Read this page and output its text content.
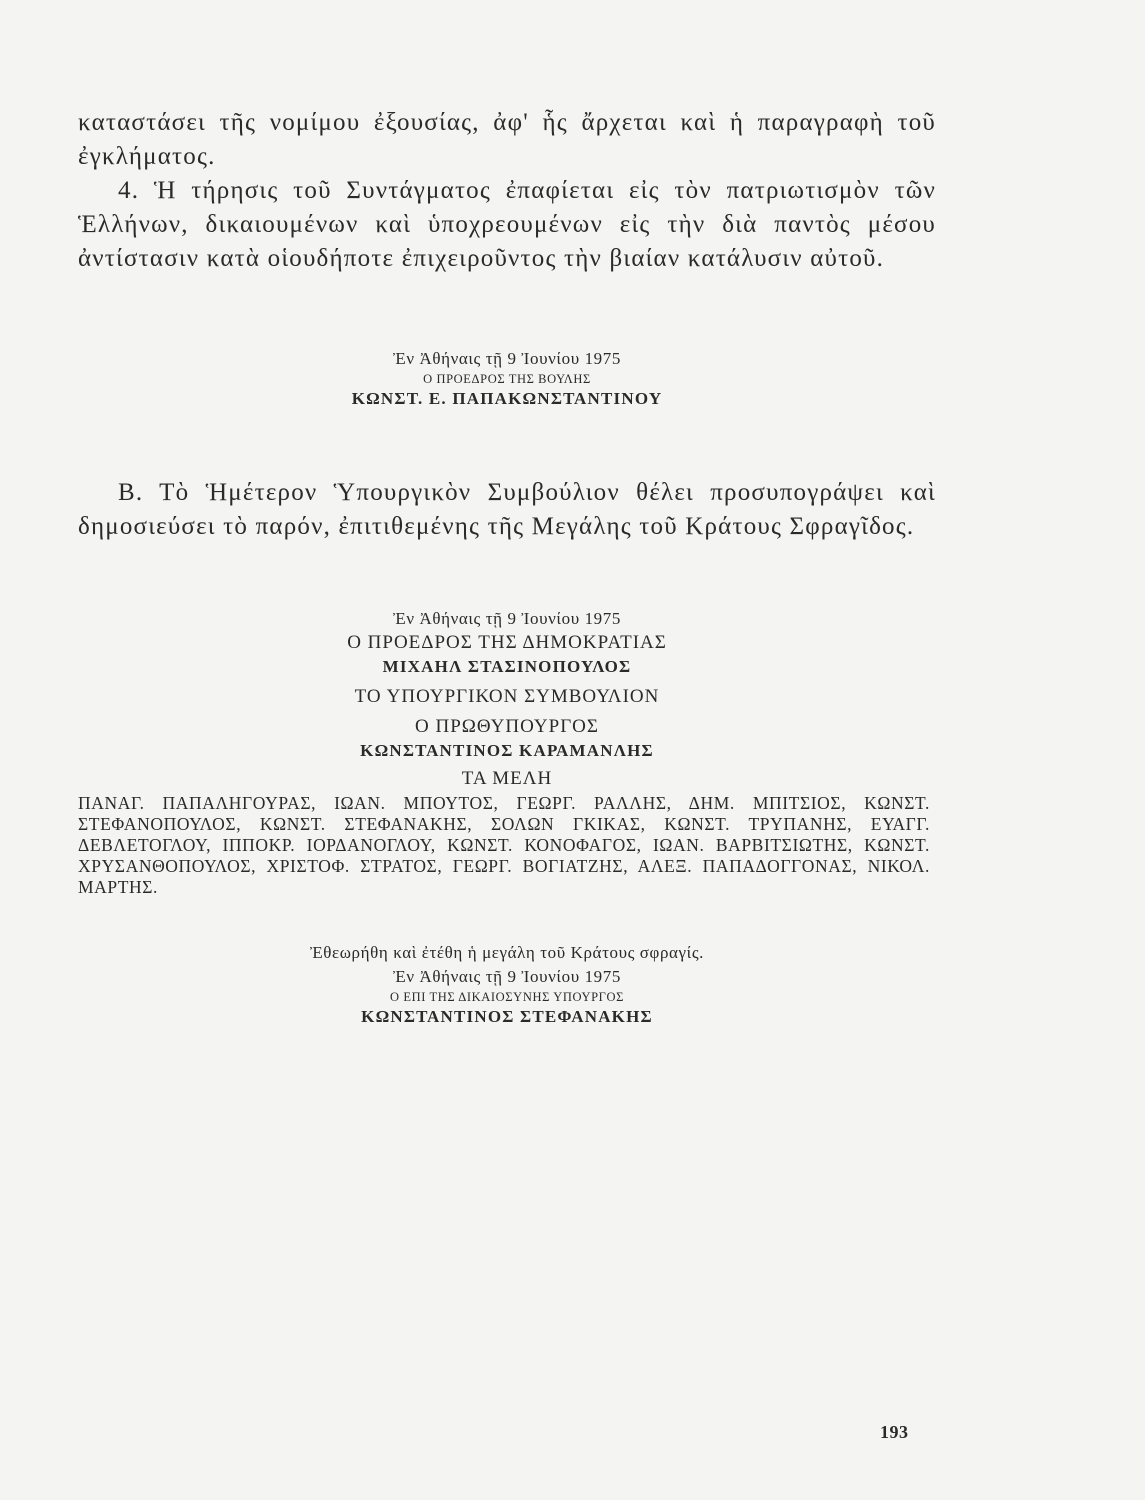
καταστάσει τῆς νομίμου ἐξουσίας, ἀφ' ἧς ἄρχεται καὶ ἡ παραγραφὴ τοῦ ἐγκλήματος.

4. Ἡ τήρησις τοῦ Συντάγματος ἐπαφίεται εἰς τὸν πατριωτισμὸν τῶν Ἑλλήνων, δικαιουμένων καὶ ὑποχρεουμένων εἰς τὴν διὰ παντὸς μέσου ἀντίστασιν κατὰ οἱουδήποτε ἐπιχειροῦντος τὴν βιαίαν κατάλυσιν αὐτοῦ.

Ἐν Ἀθήναις τῇ 9 Ἰουνίου 1975
Ο ΠΡΟΕΔΡΟΣ ΤΗΣ ΒΟΥΛΗΣ
ΚΩΝΣΤ. Ε. ΠΑΠΑΚΩΝΣΤΑΝΤΙΝΟΥ

Β. Τὸ Ἡμέτερον Ὑπουργικὸν Συμβούλιον θέλει προσυπογράψει καὶ δημοσιεύσει τὸ παρόν, ἐπιτιθεμένης τῆς Μεγάλης τοῦ Κράτους Σφραγῖδος.

Ἐν Ἀθήναις τῇ 9 Ἰουνίου 1975
Ο ΠΡΟΕΔΡΟΣ ΤΗΣ ΔΗΜΟΚΡΑΤΙΑΣ
ΜΙΧΑΗΛ ΣΤΑΣΙΝΟΠΟΥΛΟΣ
ΤΟ ΥΠΟΥΡΓΙΚΟΝ ΣΥΜΒΟΥΛΙΟΝ
Ο ΠΡΩΘΥΠΟΥΡΓΟΣ
ΚΩΝΣΤΑΝΤΙΝΟΣ ΚΑΡΑΜΑΝΛΗΣ
ΤΑ ΜΕΛΗ
ΠΑΝΑΓ. ΠΑΠΑΛΗΓΟΥΡΑΣ, ΙΩΑΝ. ΜΠΟΥΤΟΣ, ΓΕΩΡΓ. ΡΑΛΛΗΣ, ΔΗΜ. ΜΠΙΤΣΙΟΣ, ΚΩΝΣΤ. ΣΤΕΦΑΝΟΠΟΥΛΟΣ, ΚΩΝΣΤ. ΣΤΕΦΑΝΑΚΗΣ, ΣΟΛΩΝ ΓΚΙΚΑΣ, ΚΩΝΣΤ. ΤΡΥΠΑΝΗΣ, ΕΥΑΓΓ. ΔΕΒΛΕΤΟΓΛΟΥ, ΙΠΠΟΚΡ. ΙΟΡΔΑΝΟΓΛΟΥ, ΚΩΝΣΤ. ΚΟΝΟΦΑΓΟΣ, ΙΩΑΝ. ΒΑΡΒΙΤΣΙΩΤΗΣ, ΚΩΝΣΤ. ΧΡΥΣΑΝΘΟΠΟΥΛΟΣ, ΧΡΙΣΤΟΦ. ΣΤΡΑΤΟΣ, ΓΕΩΡΓ. ΒΟΓΙΑΤΖΗΣ, ΑΛΕΞ. ΠΑΠΑΔΟΓΓΟΝΑΣ, ΝΙΚΟΛ. ΜΑΡΤΗΣ.
Ἐθεωρήθη καὶ ἐτέθη ἡ μεγάλη τοῦ Κράτους σφραγίς.
Ἐν Ἀθήναις τῇ 9 Ἰουνίου 1975
Ο ΕΠΙ ΤΗΣ ΔΙΚΑΙΟΣΥΝΗΣ ΥΠΟΥΡΓΟΣ
ΚΩΝΣΤΑΝΤΙΝΟΣ ΣΤΕΦΑΝΑΚΗΣ
193
